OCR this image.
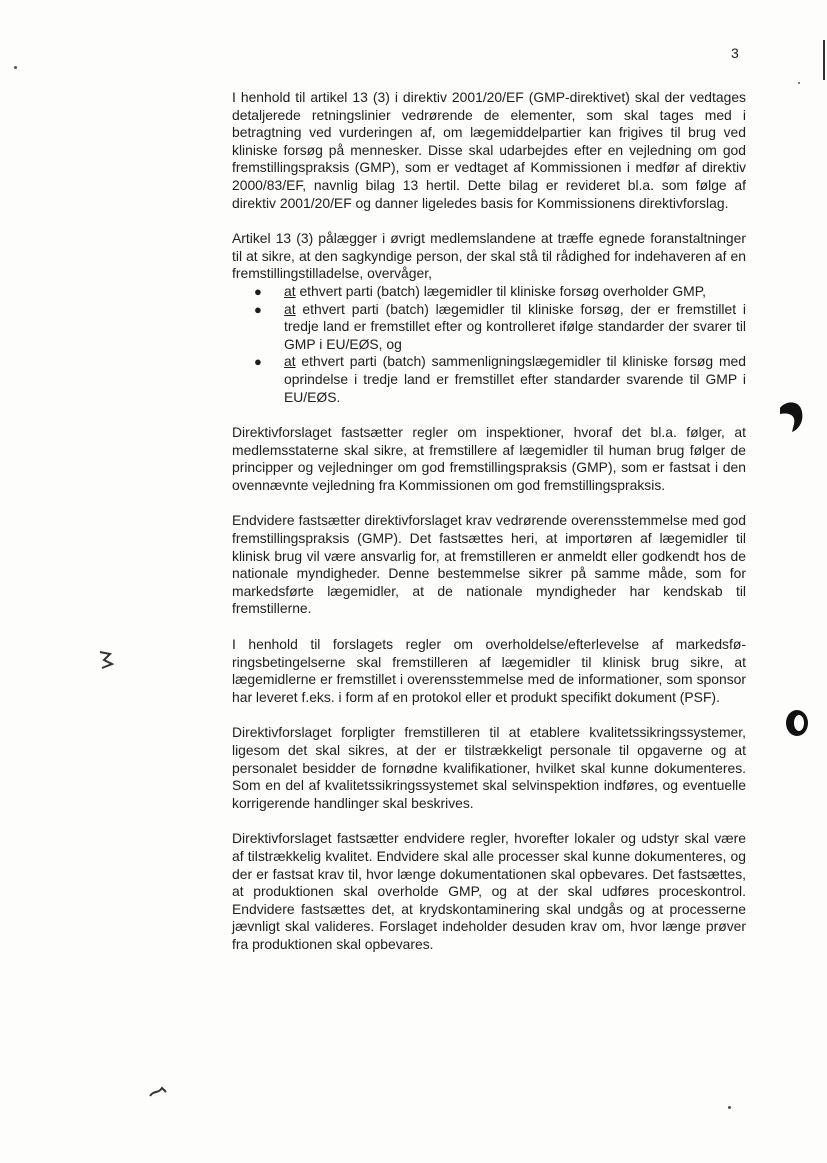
3

I henhold til artikel 13 (3) i direktiv 2001/20/EF (GMP-direktivet) skal der vedtages detaljerede retningslinier vedrørende de elementer, som skal tages med i betragtning ved vurderingen af, om lægemiddelpartier kan frigives til brug ved kliniske forsøg på mennesker. Disse skal udarbejdes efter en vejledning om god fremstillingspraksis (GMP), som er vedtaget af Kommissionen i medfør af direktiv 2000/83/EF, navnlig bilag 13 hertil. Dette bilag er revideret bl.a. som følge af direktiv 2001/20/EF og danner ligeledes basis for Kommissionens direktivforslag.

Artikel 13 (3) pålægger i øvrigt medlemslandene at træffe egnede foranstaltninger til at sikre, at den sagkyndige person, der skal stå til rådighed for indehaveren af en fremstillingstilladelse, overvåger,

● at ethvert parti (batch) lægemidler til kliniske forsøg overholder GMP,
● at ethvert parti (batch) lægemidler til kliniske forsøg, der er fremstillet i tredje land er fremstillet efter og kontrolleret ifølge standarder der svarer til GMP i EU/EØS, og
● at ethvert parti (batch) sammenligningslægemidler til kliniske forsøg med oprindelse i tredje land er fremstillet efter standarder svarende til GMP i EU/EØS.

Direktivforslaget fastsætter regler om inspektioner, hvoraf det bl.a. følger, at medlemsstaterne skal sikre, at fremstillere af lægemidler til human brug følger de principper og vejledninger om god fremstillingspraksis (GMP), som er fastsat i den ovennævnte vejledning fra Kommissionen om god fremstillingspraksis.

Endvidere fastsætter direktivforslaget krav vedrørende overensstemmelse med god fremstillingspraksis (GMP). Det fastsættes heri, at importøren af lægemidler til klinisk brug vil være ansvarlig for, at fremstilleren er anmeldt eller godkendt hos de nationale myndigheder. Denne bestemmelse sikrer på samme måde, som for markedsførte lægemidler, at de nationale myndigheder har kendskab til fremstillerne.

I henhold til forslagets regler om overholdelse/efterlevelse af markedsføringsbetingelserne skal fremstilleren af lægemidler til klinisk brug sikre, at lægemidlerne er fremstillet i overensstemmelse med de informationer, som sponsor har leveret f.eks. i form af en protokol eller et produkt specifikt dokument (PSF).

Direktivforslaget forpligter fremstilleren til at etablere kvalitetssikringssystemer, ligesom det skal sikres, at der er tilstrækkeligt personale til opgaverne og at personalet besidder de fornødne kvalifikationer, hvilket skal kunne dokumenteres. Som en del af kvalitetssikringssystemet skal selvinspektion indføres, og eventuelle korrigerende handlinger skal beskrives.

Direktivforslaget fastsætter endvidere regler, hvorefter lokaler og udstyr skal være af tilstrækkelig kvalitet. Endvidere skal alle processer skal kunne dokumenteres, og der er fastsat krav til, hvor længe dokumentationen skal opbevares. Det fastsættes, at produktionen skal overholde GMP, og at der skal udføres proceskontrol. Endvidere fastsættes det, at krydskontaminering skal undgås og at processerne jævnligt skal valideres. Forslaget indeholder desuden krav om, hvor længe prøver fra produktionen skal opbevares.
